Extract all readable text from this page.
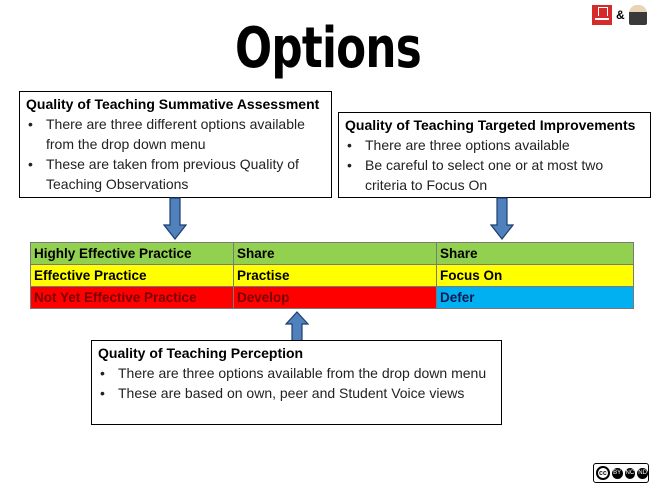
Options
&
Quality of Teaching Summative Assessment
• There are three different options available from the drop down menu
• These are taken from previous Quality of Teaching Observations
Quality of Teaching Targeted Improvements
• There are three options available
• Be careful to select one or at most two criteria to Focus On
Highly Effective Practice	Share	Share
Effective Practice	Practise	Focus On
Not Yet Effective Practice	Develop	Defer
Quality of Teaching Perception
• There are three options available from the drop down menu
• These are based on own, peer and Student Voice views
cc	BY NC ND
